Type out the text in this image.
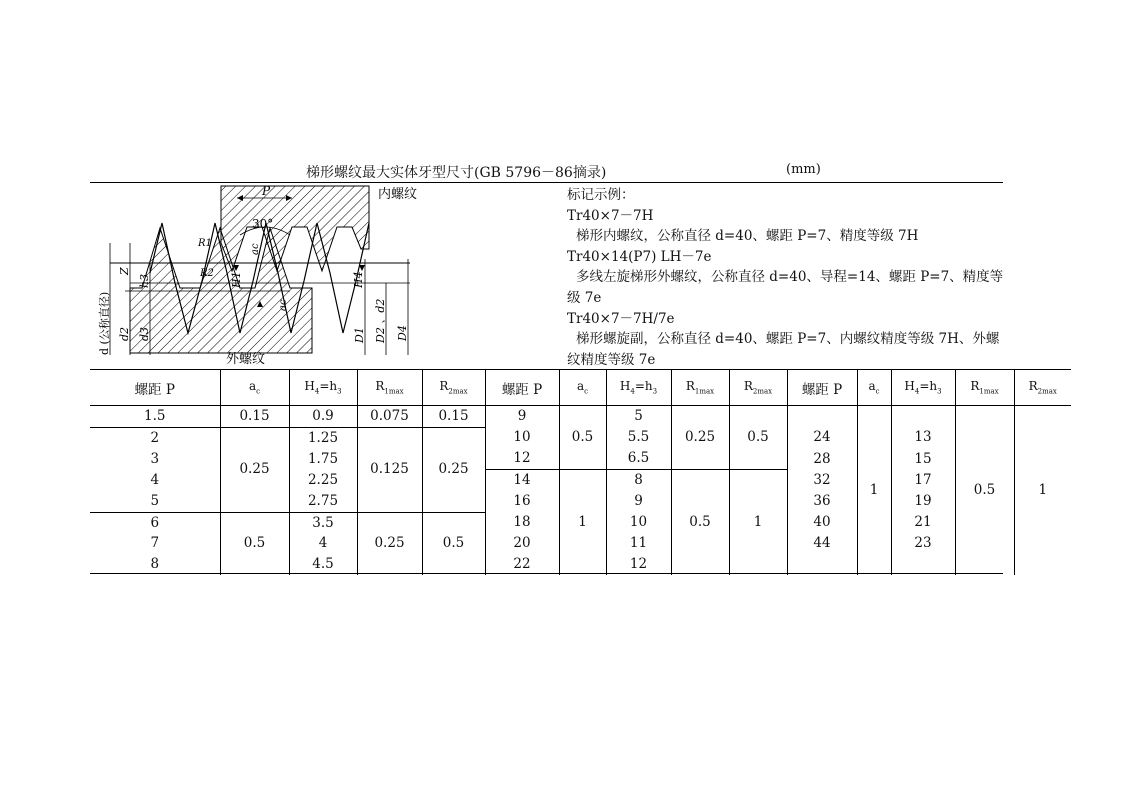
梯形螺纹最大实体牙型尺寸(GB 5796－86摘录)	(mm)
内螺纹
外螺纹
P
30°
R1
R2
Z
h3	H1	H4
ac
ac
d (公称直径) d2 d3	D1 D2 、d2 D4
标记示例：
Tr40×7－7H
梯形内螺纹，公称直径 d=40、螺距 P=7、精度等级 7H
Tr40×14(P7) LH－7e
多线左旋梯形外螺纹，公称直径 d=40、导程=14、螺距 P=7、精度等级 7e
Tr40×7－7H/7e
梯形螺旋副，公称直径 d=40、螺距 P=7、内螺纹精度等级 7H、外螺纹精度等级 7e
螺距 P	$a_c$	$H_4=h_3$	$R_{1max}$	$R_{2max}$	螺距 P	$a_c$	$H_4=h_3$	$R_{1max}$	$R_{2max}$	螺距 P	$a_c$	$H_4=h_3$	$R_{1max}$	$R_{2max}$
1.5	0.15	0.9	0.075	0.15	9	0.5	5	0.25	0.5		1		0.5	1
2	0.25	1.25	0.125	0.25	10		5.5			24		13		
3		1.75			12		6.5			28		15		
4		2.25			14	1	8	0.5	1	32		17		
5		2.75			16		9			36		19		
6	0.5	3.5	0.25	0.5	18		10			40		21		
7		4			20		11			44		23		
8		4.5			22		12							
